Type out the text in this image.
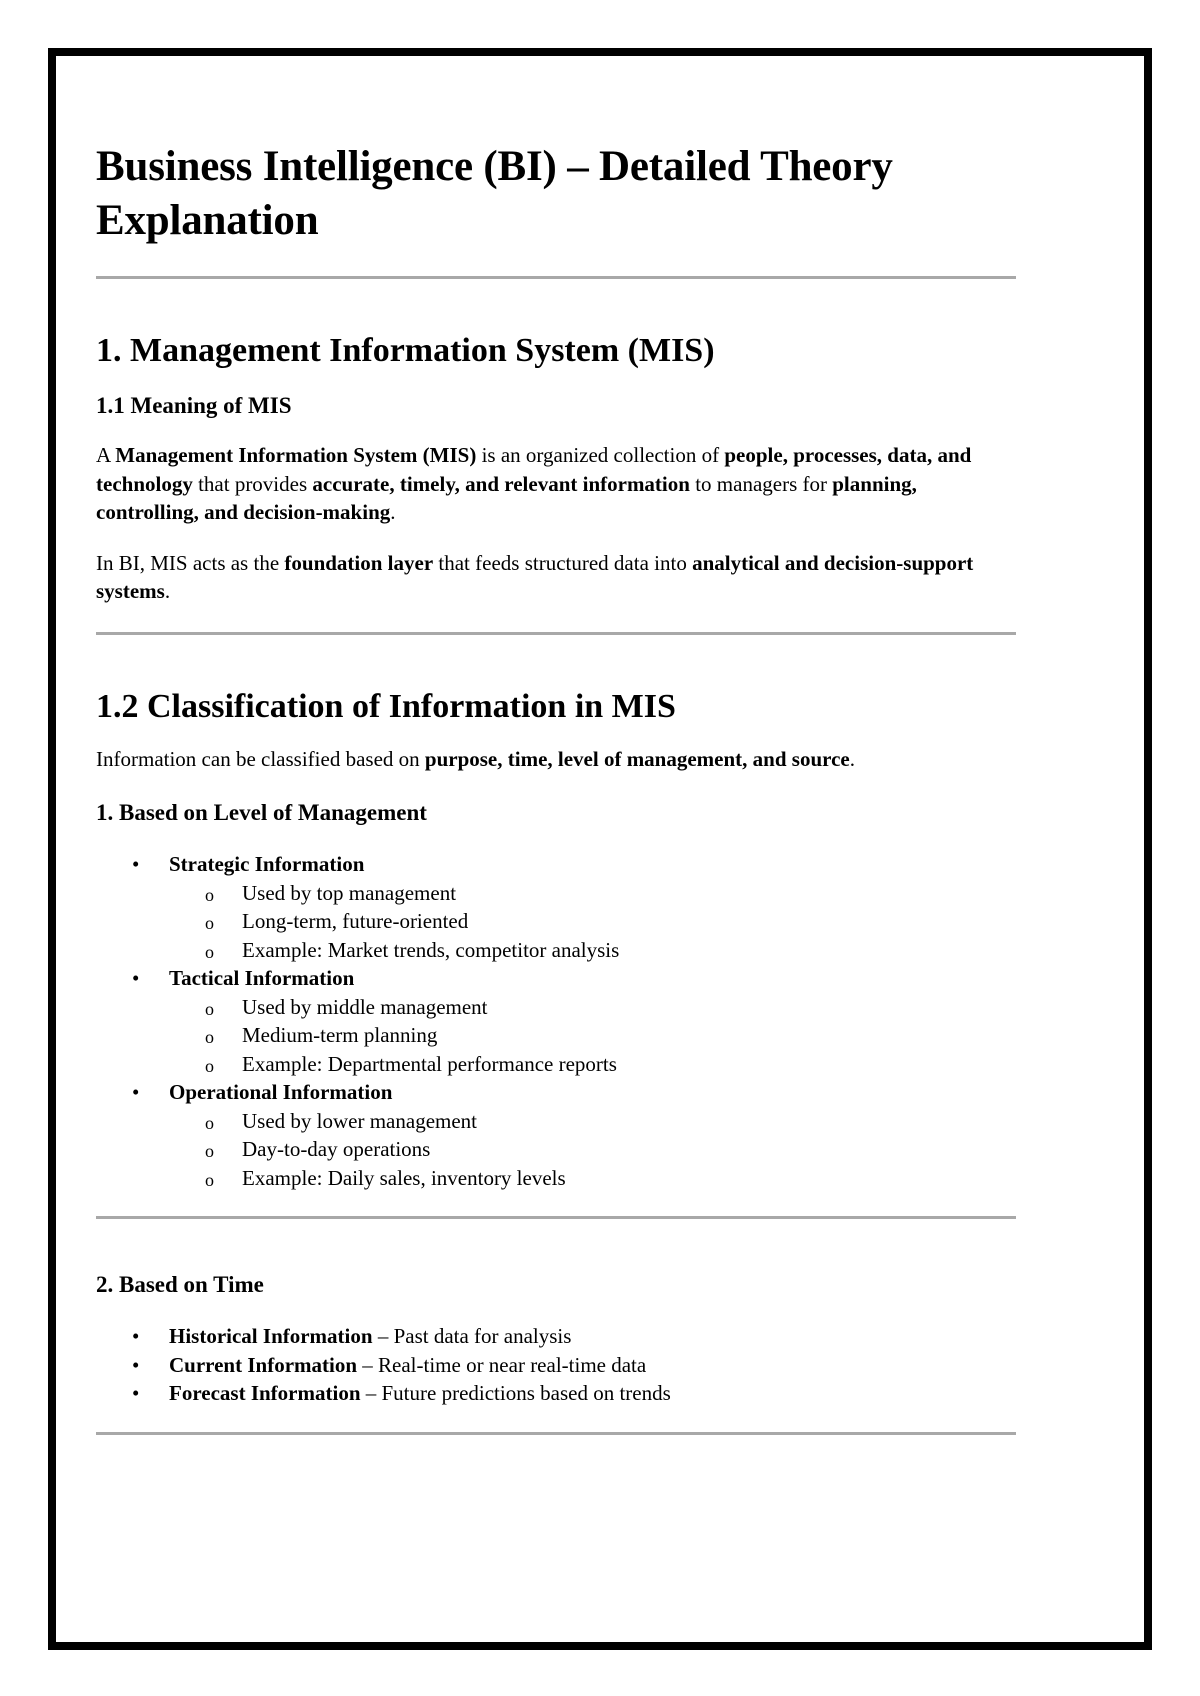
Business Intelligence (BI) – Detailed Theory Explanation
1. Management Information System (MIS)
1.1 Meaning of MIS

A Management Information System (MIS) is an organized collection of people, processes, data, and technology that provides accurate, timely, and relevant information to managers for planning, controlling, and decision-making.

In BI, MIS acts as the foundation layer that feeds structured data into analytical and decision-support systems.

1.2 Classification of Information in MIS

Information can be classified based on purpose, time, level of management, and source.

1. Based on Level of Management
• Strategic Information
o Used by top management
o Long-term, future-oriented
o Example: Market trends, competitor analysis
• Tactical Information
o Used by middle management
o Medium-term planning
o Example: Departmental performance reports
• Operational Information
o Used by lower management
o Day-to-day operations
o Example: Daily sales, inventory levels
2. Based on Time
• Historical Information – Past data for analysis
• Current Information – Real-time or near real-time data
• Forecast Information – Future predictions based on trends
